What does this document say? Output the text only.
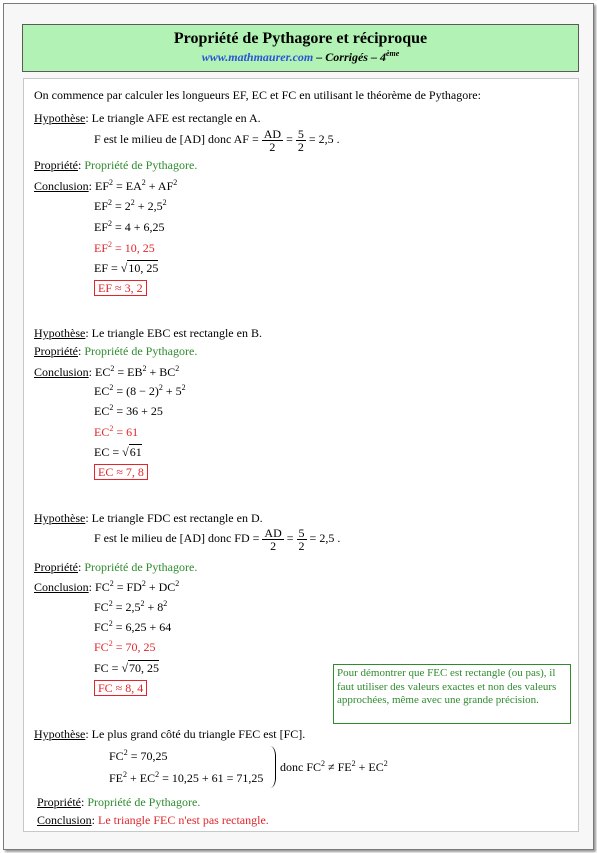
Propriété de Pythagore et réciproque
www.mathmaurer.com – Corrigés – 4ème
On commence par calculer les longueurs EF, EC et FC en utilisant le théorème de Pythagore:
Hypothèse: Le triangle AFE est rectangle en A.
F est le milieu de [AD] donc AF = $\frac{AD}{2} = \frac{5}{2} = 2,5$ .
Propriété: Propriété de Pythagore.
Conclusion: $EF^2 = EA^2 + AF^2$
$EF^2 = 2^2 + 2,5^2$
$EF^2 = 4 + 6,25$
$EF^2 = 10$, 25
EF = √10, 25
EF ≈ 3, 2
Hypothèse: Le triangle EBC est rectangle en B.
Propriété: Propriété de Pythagore.
Conclusion: $EC^2 = EB^2 + BC^2$
$EC^2 = (8 - 2)^2 + 5^2$
$EC^2 = 36 + 25$
$EC^2 = 61$
EC = √61
EC ≈ 7, 8
Hypothèse: Le triangle FDC est rectangle en D.
F est le milieu de [AD] donc FD = $\frac{AD}{2} = \frac{5}{2} = 2,5$ .
Propriété: Propriété de Pythagore.
Conclusion: $FC^2 = FD^2 + DC^2$
$FC^2 = 2,5^2 + 8^2$
$FC^2 = 6,25 + 64$
$FC^2 = 70$, 25
FC = √70, 25
FC ≈ 8, 4
Pour démontrer que FEC est rectangle (ou pas), il faut utiliser des valeurs exactes et non des valeurs approchées, même avec une grande précision.
Hypothèse: Le plus grand côté du triangle FEC est [FC].
$FC^2 = 70,25$
$FE^2 + EC^2 = 10,25 + 61 = 71,25$
donc $FC^2 \ne FE^2 + EC^2$
Propriété: Propriété de Pythagore.
Conclusion: Le triangle FEC n'est pas rectangle.
